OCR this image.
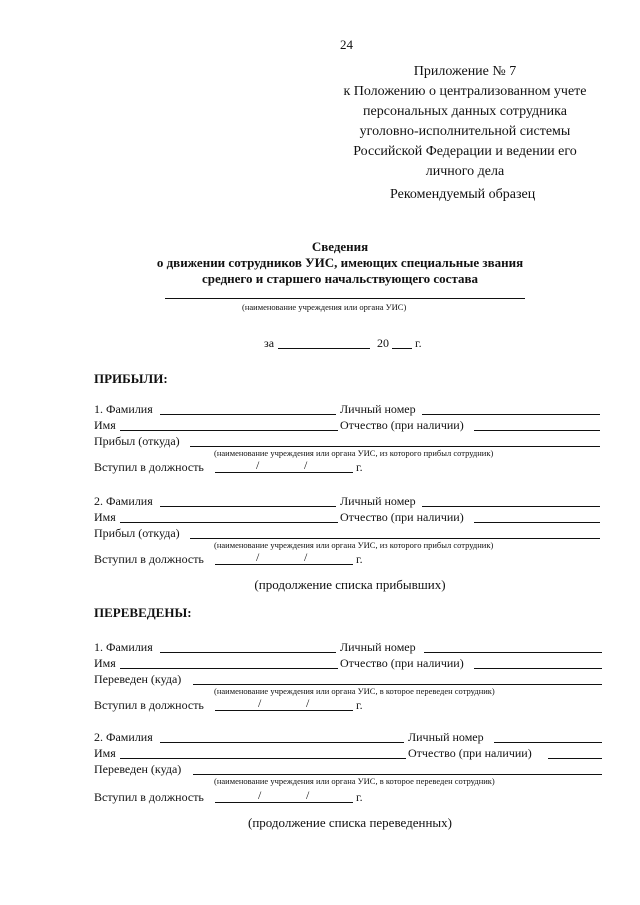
24
Приложение № 7
к Положению о централизованном учете
персональных данных сотрудника
уголовно-исполнительной системы
Российской Федерации и ведении его
личного дела
Рекомендуемый образец
Сведения
о движении сотрудников УИС, имеющих специальные звания
среднего и старшего начальствующего состава
(наименование учреждения или органа УИС)
за	20 г.
ПРИБЫЛИ:
1. Фамилия	Личный номер
Имя	Отчество (при наличии)
Прибыл (откуда)
(наименование учреждения или органа УИС, из которого прибыл сотрудник)
Вступил в должность	/	/	г.
2. Фамилия	Личный номер
Имя	Отчество (при наличии)
Прибыл (откуда)
(наименование учреждения или органа УИС, из которого прибыл сотрудник)
Вступил в должность	/	/	г.
(продолжение списка прибывших)
ПЕРЕВЕДЕНЫ:
1. Фамилия	Личный номер
Имя	Отчество (при наличии)
Переведен (куда)
(наименование учреждения или органа УИС, в которое переведен сотрудник)
Вступил в должность	/	/	г.
2. Фамилия	Личный номер
Имя	Отчество (при наличии)
Переведен (куда)
(наименование учреждения или органа УИС, в которое переведен сотрудник)
Вступил в должность	/	/	г.
(продолжение списка переведенных)
